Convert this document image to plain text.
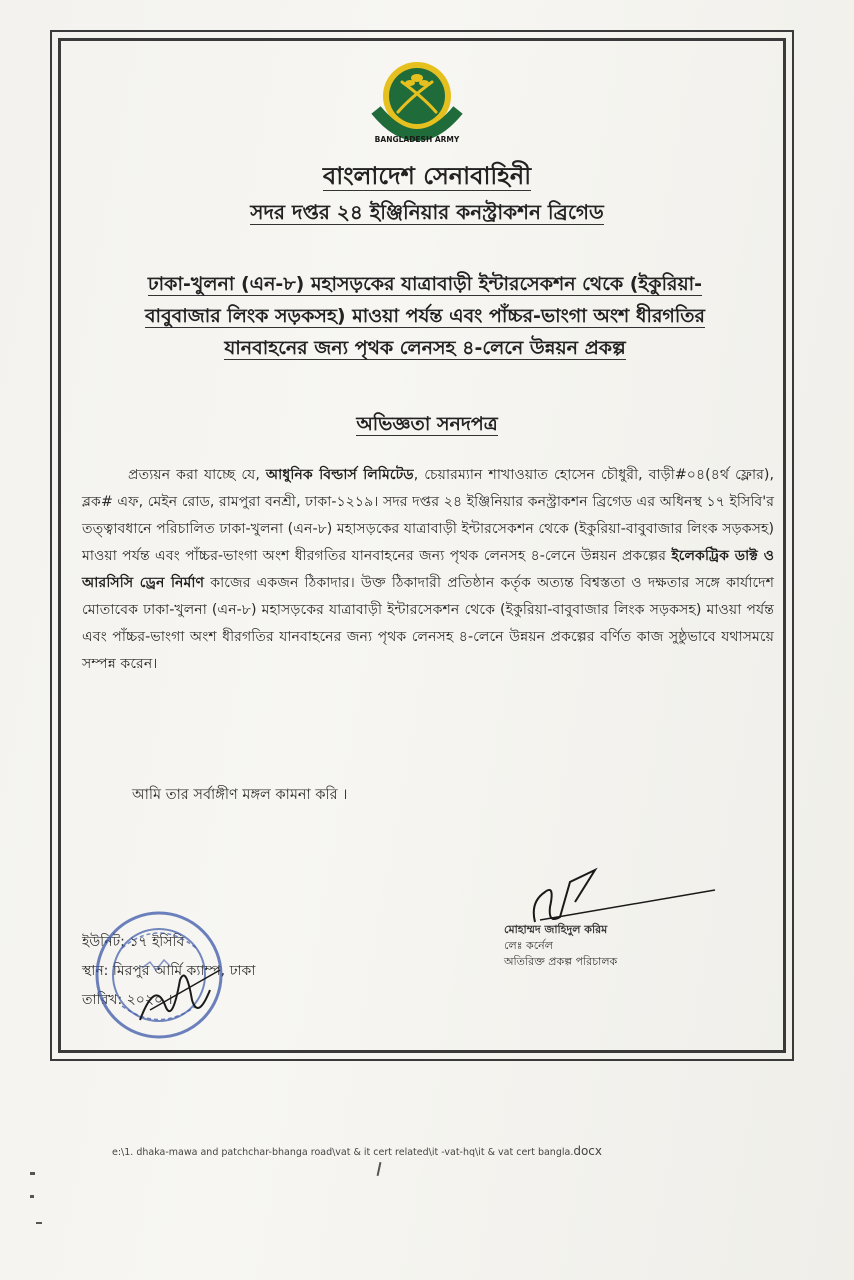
BANGLADESH ARMY
বাংলাদেশ সেনাবাহিনী
সদর দপ্তর ২৪ ইঞ্জিনিয়ার কনস্ট্রাকশন ব্রিগেড
ঢাকা-খুলনা (এন-৮) মহাসড়কের যাত্রাবাড়ী ইন্টারসেকশন থেকে (ইকুরিয়া-
বাবুবাজার লিংক সড়কসহ) মাওয়া পর্যন্ত এবং পাঁচ্চর-ভাংগা অংশ ধীরগতির
যানবাহনের জন্য পৃথক লেনসহ ৪-লেনে উন্নয়ন প্রকল্প
অভিজ্ঞতা সনদপত্র
প্রত্যয়ন করা যাচ্ছে যে, আধুনিক বিল্ডার্স লিমিটেড, চেয়ারম্যান শাখাওয়াত হোসেন চৌধুরী, বাড়ী#০৪(৪র্থ ফ্লোর), ব্লক# এফ, মেইন রোড, রামপুরা বনশ্রী, ঢাকা-১২১৯। সদর দপ্তর ২৪ ইঞ্জিনিয়ার কনস্ট্রাকশন ব্রিগেড এর অধিনস্থ ১৭ ইসিবি'র তত্ত্বাবধানে পরিচালিত ঢাকা-খুলনা (এন-৮) মহাসড়কের যাত্রাবাড়ী ইন্টারসেকশন থেকে (ইকুরিয়া-বাবুবাজার লিংক সড়কসহ) মাওয়া পর্যন্ত এবং পাঁচ্চর-ভাংগা অংশ ধীরগতির যানবাহনের জন্য পৃথক লেনসহ ৪-লেনে উন্নয়ন প্রকল্পের ইলেকট্রিক ডাক্ট ও আরসিসি ড্রেন নির্মাণ কাজের একজন ঠিকাদার। উক্ত ঠিকাদারী প্রতিষ্ঠান কর্তৃক অত্যন্ত বিশ্বস্ততা ও দক্ষতার সঙ্গে কার্যাদেশ মোতাবেক ঢাকা-খুলনা (এন-৮) মহাসড়কের যাত্রাবাড়ী ইন্টারসেকশন থেকে (ইকুরিয়া-বাবুবাজার লিংক সড়কসহ) মাওয়া পর্যন্ত এবং পাঁচ্চর-ভাংগা অংশ ধীরগতির যানবাহনের জন্য পৃথক লেনসহ ৪-লেনে উন্নয়ন প্রকল্পের বর্ণিত কাজ সুষ্ঠুভাবে যথাসময়ে সম্পন্ন করেন।
আমি তার সর্বাঙ্গীণ মঙ্গল কামনা করি ।
ইউনিট: ১৭ ইসিবি
স্থান: মিরপুর আর্মি ক্যাম্প, ঢাকা
তারিখ: ২০২০ ।
মোহাম্মদ জাহিদুল করিম
লেঃ কর্নেল
অতিরিক্ত প্রকল্প পরিচালক
e:\1. dhaka-mawa and patchchar-bhanga road\vat & it cert related\it -vat-hq\it & vat cert bangla.docx
